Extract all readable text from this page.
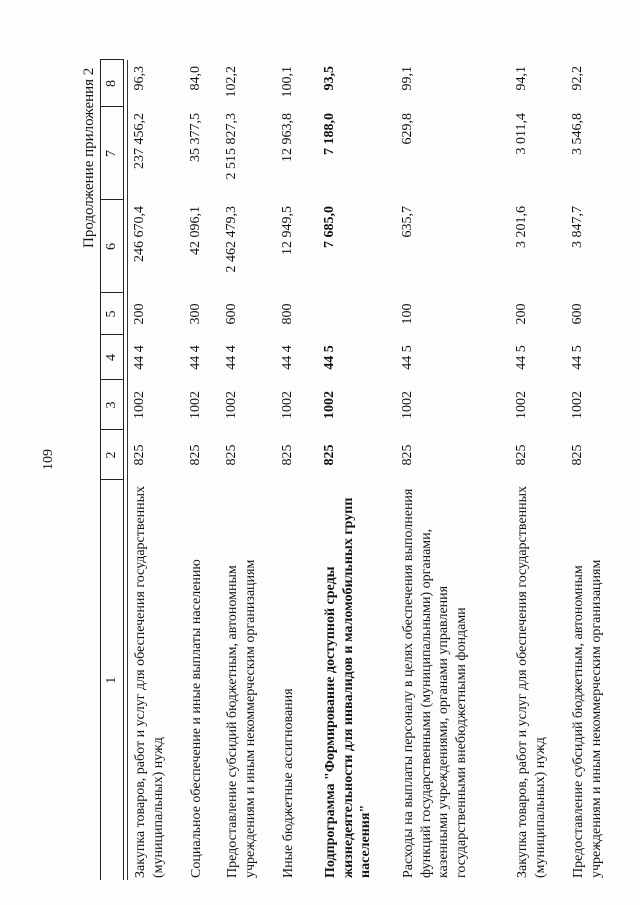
109
Продолжение приложения 2
1	2	3	4	5	6	7	8
Закупка товаров, работ и услуг для обеспечения государственных (муниципальных) нужд	825	1002	44 4	200	246 670,4	237 456,2	96,3
Социальное обеспечение и иные выплаты населению	825	1002	44 4	300	42 096,1	35 377,5	84,0
Предоставление субсидий бюджетным, автономным учреждениям и иным некоммерческим организациям	825	1002	44 4	600	2 462 479,3	2 515 827,3	102,2
Иные бюджетные ассигнования	825	1002	44 4	800	12 949,5	12 963,8	100,1
Подпрограмма "Формирование доступной среды жизнедеятельности для инвалидов и маломобильных групп населения"	825	1002	44 5		7 685,0	7 188,0	93,5
Расходы на выплаты персоналу в целях обеспечения выполнения функций государственными (муниципальными) органами, казенными учреждениями, органами управления государственными внебюджетными фондами	825	1002	44 5	100	635,7	629,8	99,1
Закупка товаров, работ и услуг для обеспечения государственных (муниципальных) нужд	825	1002	44 5	200	3 201,6	3 011,4	94,1
Предоставление субсидий бюджетным, автономным учреждениям и иным некоммерческим организациям	825	1002	44 5	600	3 847,7	3 546,8	92,2
